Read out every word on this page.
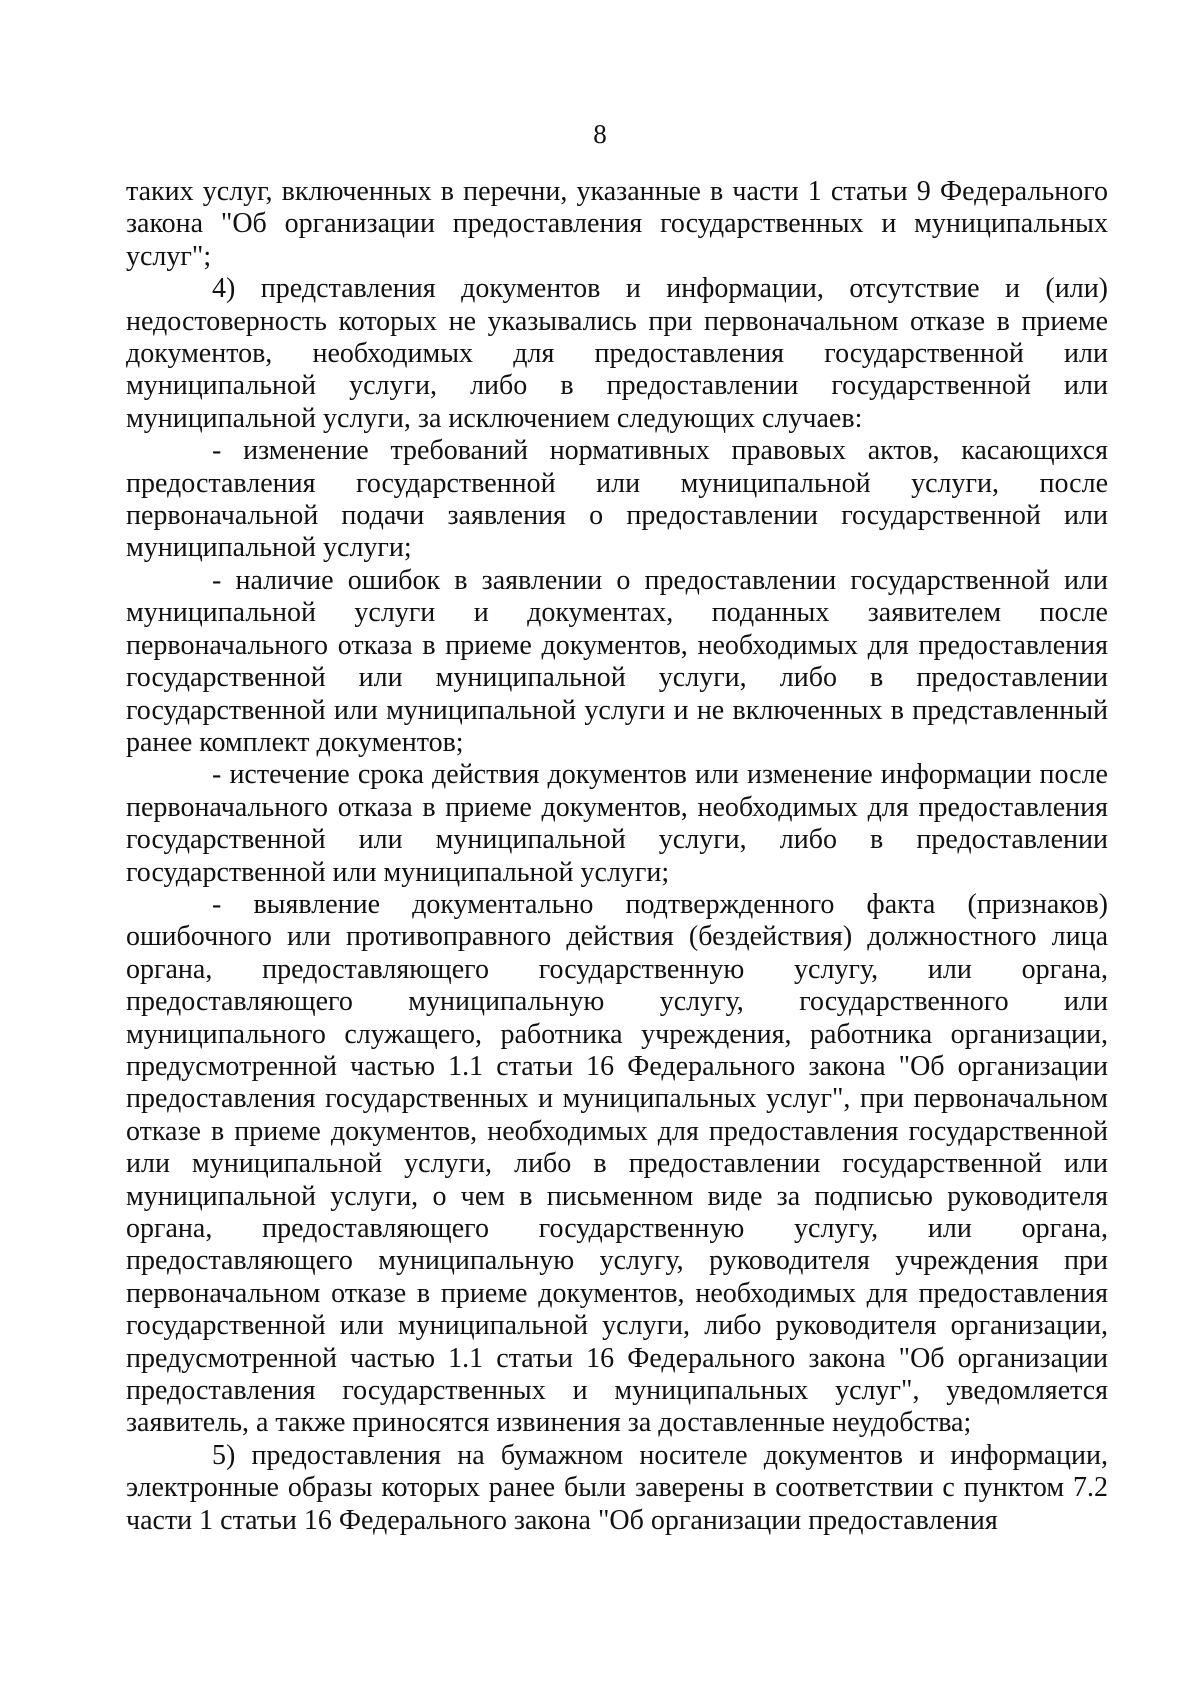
8

таких услуг, включенных в перечни, указанные в части 1 статьи 9 Федерального закона "Об организации предоставления государственных и муниципальных услуг";

4) представления документов и информации, отсутствие и (или) недостоверность которых не указывались при первоначальном отказе в приеме документов, необходимых для предоставления государственной или муниципальной услуги, либо в предоставлении государственной или муниципальной услуги, за исключением следующих случаев:

- изменение требований нормативных правовых актов, касающихся предоставления государственной или муниципальной услуги, после первоначальной подачи заявления о предоставлении государственной или муниципальной услуги;

- наличие ошибок в заявлении о предоставлении государственной или муниципальной услуги и документах, поданных заявителем после первоначального отказа в приеме документов, необходимых для предоставления государственной или муниципальной услуги, либо в предоставлении государственной или муниципальной услуги и не включенных в представленный ранее комплект документов;

- истечение срока действия документов или изменение информации после первоначального отказа в приеме документов, необходимых для предоставления государственной или муниципальной услуги, либо в предоставлении государственной или муниципальной услуги;

- выявление документально подтвержденного факта (признаков) ошибочного или противоправного действия (бездействия) должностного лица органа, предоставляющего государственную услугу, или органа, предоставляющего муниципальную услугу, государственного или муниципального служащего, работника учреждения, работника организации, предусмотренной частью 1.1 статьи 16 Федерального закона "Об организации предоставления государственных и муниципальных услуг", при первоначальном отказе в приеме документов, необходимых для предоставления государственной или муниципальной услуги, либо в предоставлении государственной или муниципальной услуги, о чем в письменном виде за подписью руководителя органа, предоставляющего государственную услугу, или органа, предоставляющего муниципальную услугу, руководителя учреждения при первоначальном отказе в приеме документов, необходимых для предоставления государственной или муниципальной услуги, либо руководителя организации, предусмотренной частью 1.1 статьи 16 Федерального закона "Об организации предоставления государственных и муниципальных услуг", уведомляется заявитель, а также приносятся извинения за доставленные неудобства;

5) предоставления на бумажном носителе документов и информации, электронные образы которых ранее были заверены в соответствии с пунктом 7.2 части 1 статьи 16 Федерального закона "Об организации предоставления
